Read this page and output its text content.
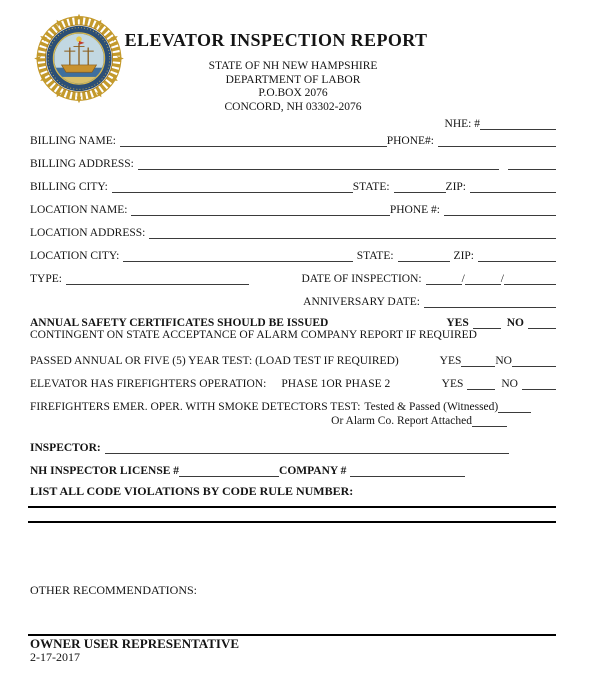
ELEVATOR INSPECTION REPORT
STATE OF NH NEW HAMPSHIRE
DEPARTMENT OF LABOR
P.O.BOX 2076
CONCORD, NH 03302-2076
NHE: #
BILLING NAME:	PHONE#:
BILLING ADDRESS:
BILLING CITY:	STATE:	ZIP:
LOCATION NAME:	PHONE #:
LOCATION ADDRESS:
LOCATION CITY:	STATE:	ZIP:
TYPE:	DATE OF INSPECTION:	/	/
ANNIVERSARY DATE:
ANNUAL SAFETY CERTIFICATES SHOULD BE ISSUED	YES	NO
CONTINGENT ON STATE ACCEPTANCE OF ALARM COMPANY REPORT IF REQUIRED
PASSED ANNUAL OR FIVE (5) YEAR TEST: (LOAD TEST IF REQUIRED)	YES	NO
ELEVATOR HAS FIREFIGHTERS OPERATION: PHASE 1OR PHASE 2	YES	NO
FIREFIGHTERS EMER. OPER. WITH SMOKE DETECTORS TEST: Tested & Passed (Witnessed)
Or Alarm Co. Report Attached
INSPECTOR:
NH INSPECTOR LICENSE #	COMPANY #
LIST ALL CODE VIOLATIONS BY CODE RULE NUMBER:
OTHER RECOMMENDATIONS:
OWNER USER REPRESENTATIVE
2-17-2017
